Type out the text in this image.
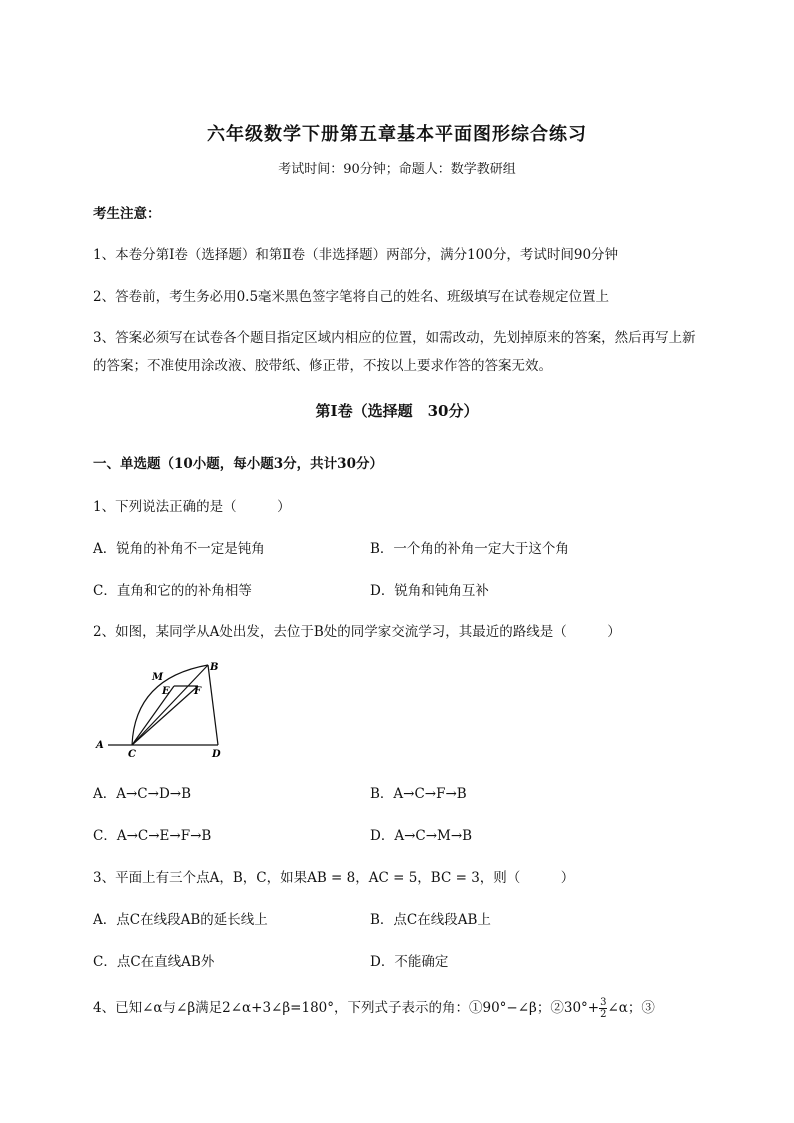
六年级数学下册第五章基本平面图形综合练习
考试时间：90分钟；命题人：数学教研组
考生注意：
1、本卷分第I卷（选择题）和第Ⅱ卷（非选择题）两部分，满分100分，考试时间90分钟
2、答卷前，考生务必用0.5毫米黑色签字笔将自己的姓名、班级填写在试卷规定位置上
3、答案必须写在试卷各个题目指定区域内相应的位置，如需改动，先划掉原来的答案，然后再写上新
的答案；不准使用涂改液、胶带纸、修正带，不按以上要求作答的答案无效。
第I卷（选择题　30分）
一、单选题（10小题，每小题3分，共计30分）
1、下列说法正确的是（　　　）
A．锐角的补角不一定是钝角	B．一个角的补角一定大于这个角
C．直角和它的的补角相等	D．锐角和钝角互补
2、如图，某同学从A处出发，去位于B处的同学家交流学习，其最近的路线是（　　　）
M
B
E F
A
C	D
A．A→C→D→B	B．A→C→F→B
C．A→C→E→F→B	D．A→C→M→B
3、平面上有三个点A，B，C，如果AB = 8，AC = 5，BC = 3，则（　　　）
A．点C在线段AB的延长线上	B．点C在线段AB上
C．点C在直线AB外	D．不能确定
4、已知∠α与∠β满足2∠α+3∠β=180°，下列式子表示的角：①90°−∠β；②30°+ $\frac{3}{2}$ ∠α；③
